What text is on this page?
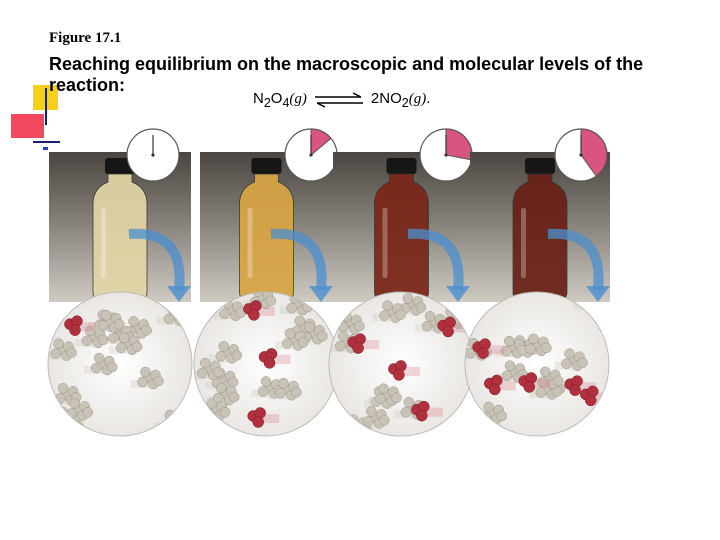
Figure 17.1
Reaching equilibrium on the macroscopic and molecular levels of the reaction:
$N_2O_4(g)$ ⇌ $2NO_2(g)$.
